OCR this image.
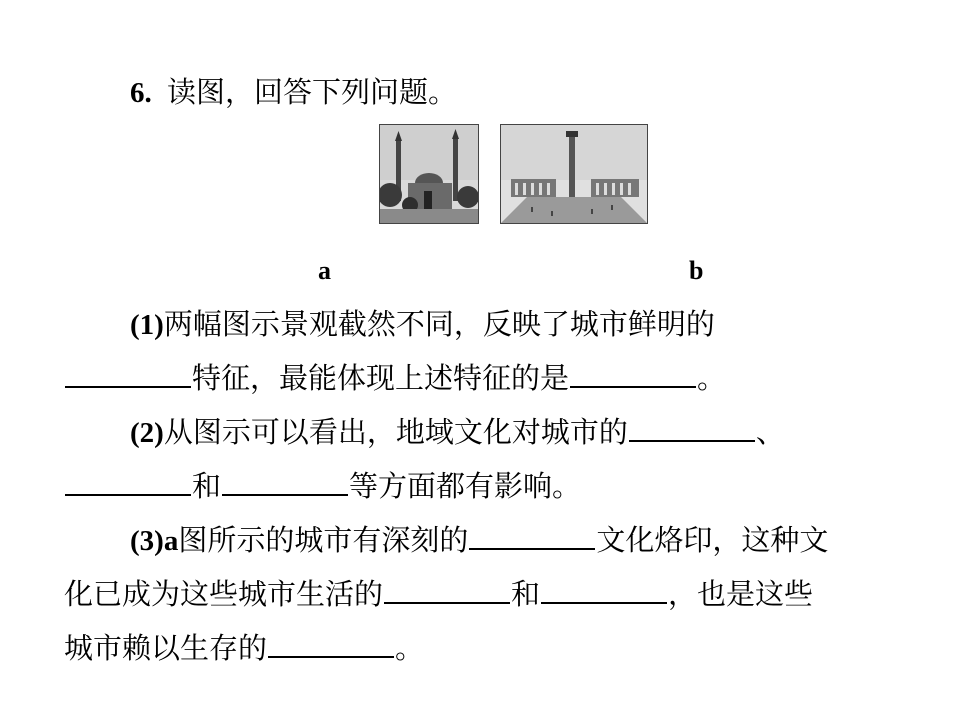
6. 读图，回答下列问题。
a	b
(1)两幅图示景观截然不同，反映了城市鲜明的
特征，最能体现上述特征的是	。
(2)从图示可以看出，地域文化对城市的	、
和	等方面都有影响。
(3)a图所示的城市有深刻的	文化烙印，这种文
化已成为这些城市生活的	和	，也是这些
城市赖以生存的	。
